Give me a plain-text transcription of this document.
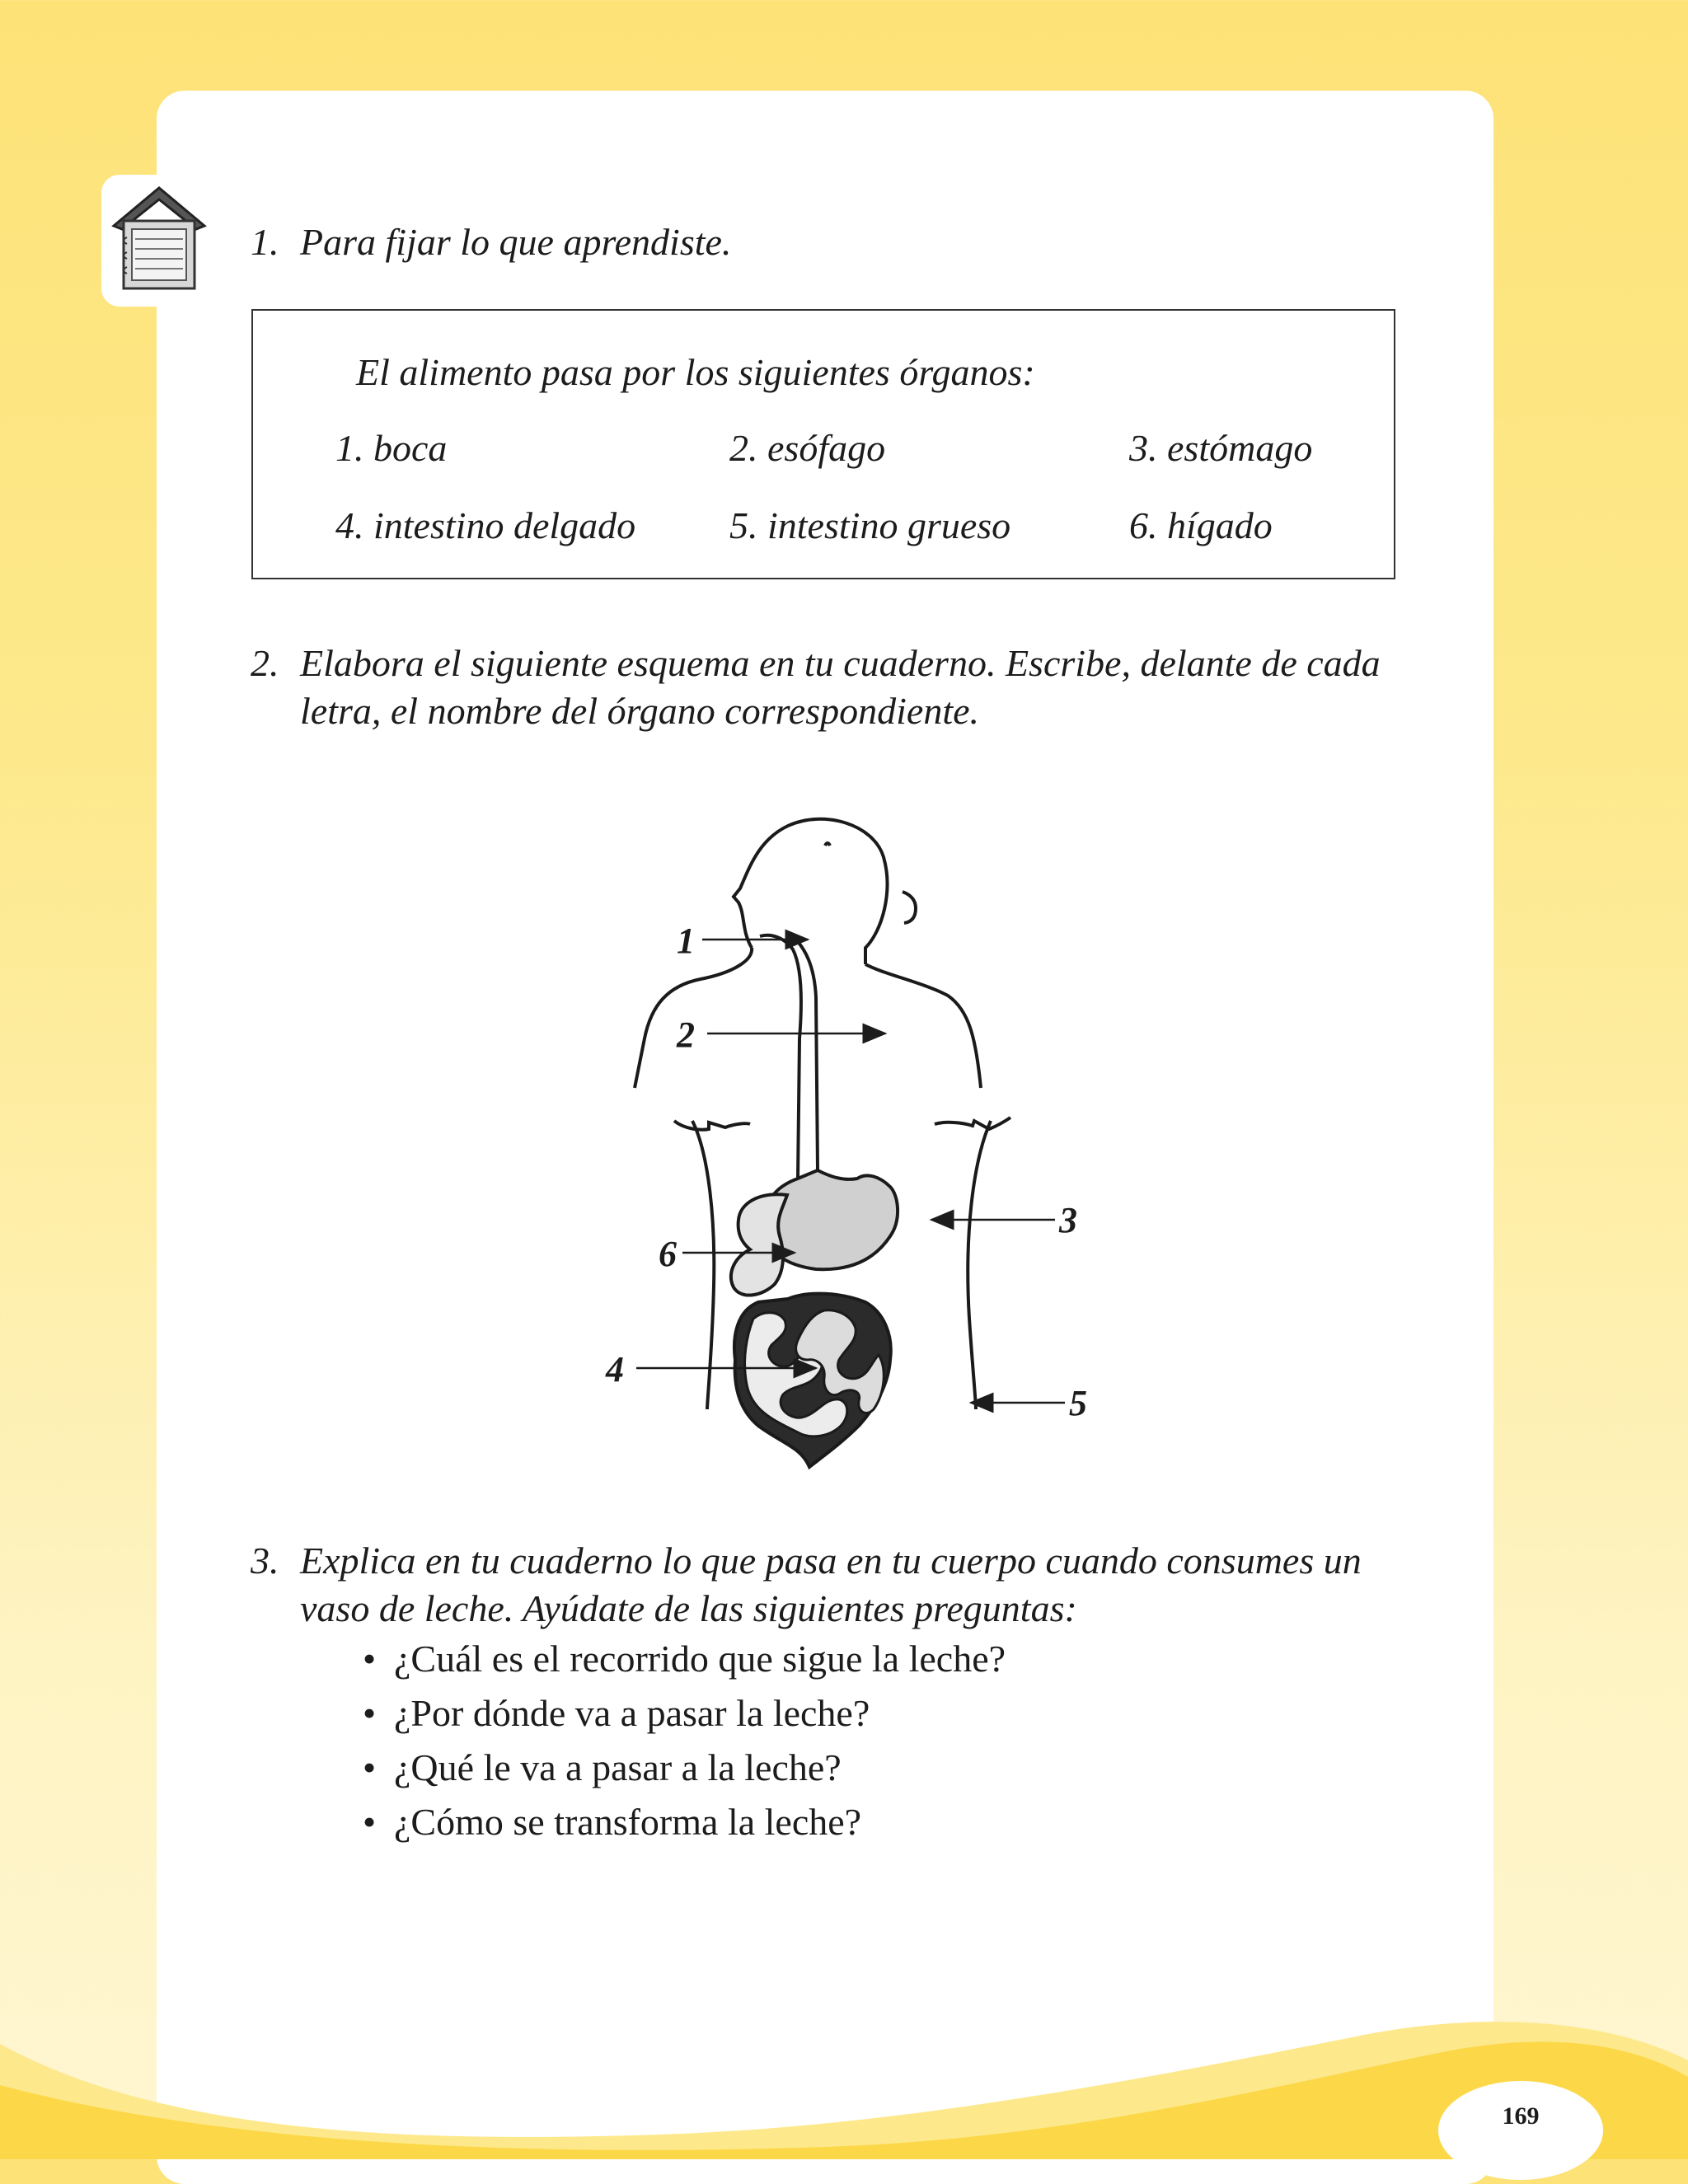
1. Para fijar lo que aprendiste.
El alimento pasa por los siguientes órganos:
1. boca	2. esófago	3. estómago
4. intestino delgado 5. intestino grueso	6. hígado
2. Elabora el siguiente esquema en tu cuaderno. Escribe, delante de cada letra, el nombre del órgano correspondiente.
1
2
3
4
5
6
3. Explica en tu cuaderno lo que pasa en tu cuerpo cuando consumes un vaso de leche. Ayúdate de las siguientes preguntas:
• ¿Cuál es el recorrido que sigue la leche?
• ¿Por dónde va a pasar la leche?
• ¿Qué le va a pasar a la leche?
• ¿Cómo se transforma la leche?
169
